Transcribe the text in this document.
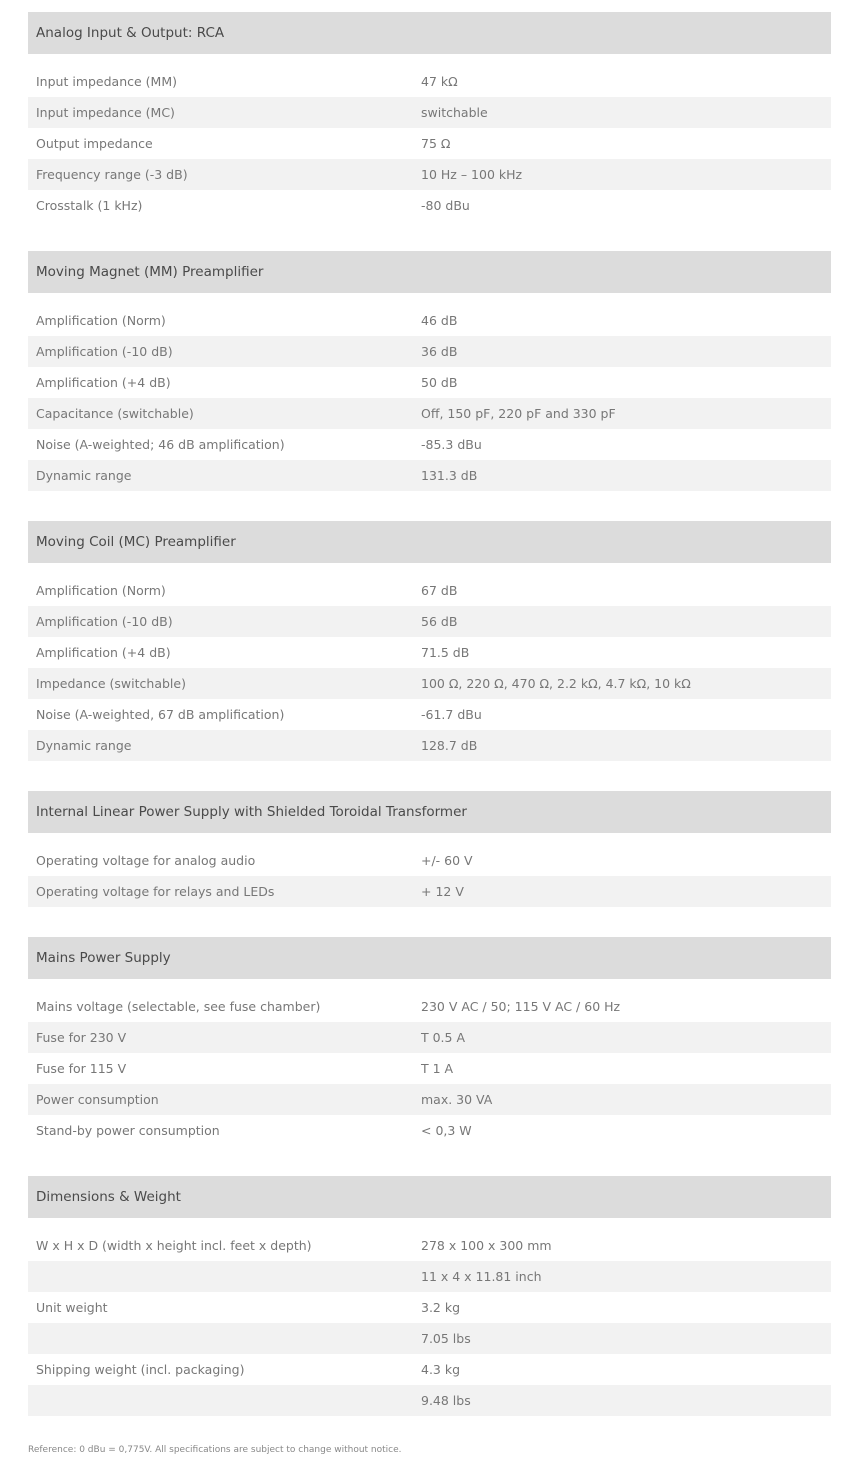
Analog Input & Output: RCA
Input impedance (MM)	47 kΩ
Input impedance (MC)	switchable
Output impedance	75 Ω
Frequency range (-3 dB)	10 Hz – 100 kHz
Crosstalk (1 kHz)	-80 dBu
Moving Magnet (MM) Preamplifier
Amplification (Norm)	46 dB
Amplification (-10 dB)	36 dB
Amplification (+4 dB)	50 dB
Capacitance (switchable)	Off, 150 pF, 220 pF and 330 pF
Noise (A-weighted; 46 dB amplification)	-85.3 dBu
Dynamic range	131.3 dB
Moving Coil (MC) Preamplifier
Amplification (Norm)	67 dB
Amplification (-10 dB)	56 dB
Amplification (+4 dB)	71.5 dB
Impedance (switchable)	100 Ω, 220 Ω, 470 Ω, 2.2 kΩ, 4.7 kΩ, 10 kΩ
Noise (A-weighted, 67 dB amplification)	-61.7 dBu
Dynamic range	128.7 dB
Internal Linear Power Supply with Shielded Toroidal Transformer
Operating voltage for analog audio	+/- 60 V
Operating voltage for relays and LEDs	+ 12 V
Mains Power Supply
Mains voltage (selectable, see fuse chamber)	230 V AC / 50; 115 V AC / 60 Hz
Fuse for 230 V	T 0.5 A
Fuse for 115 V	T 1 A
Power consumption	max. 30 VA
Stand-by power consumption	< 0,3 W
Dimensions & Weight
W x H x D (width x height incl. feet x depth)	278 x 100 x 300 mm
11 x 4 x 11.81 inch
Unit weight	3.2 kg
7.05 lbs
Shipping weight (incl. packaging)	4.3 kg
9.48 lbs
Reference: 0 dBu = 0,775V. All specifications are subject to change without notice.
